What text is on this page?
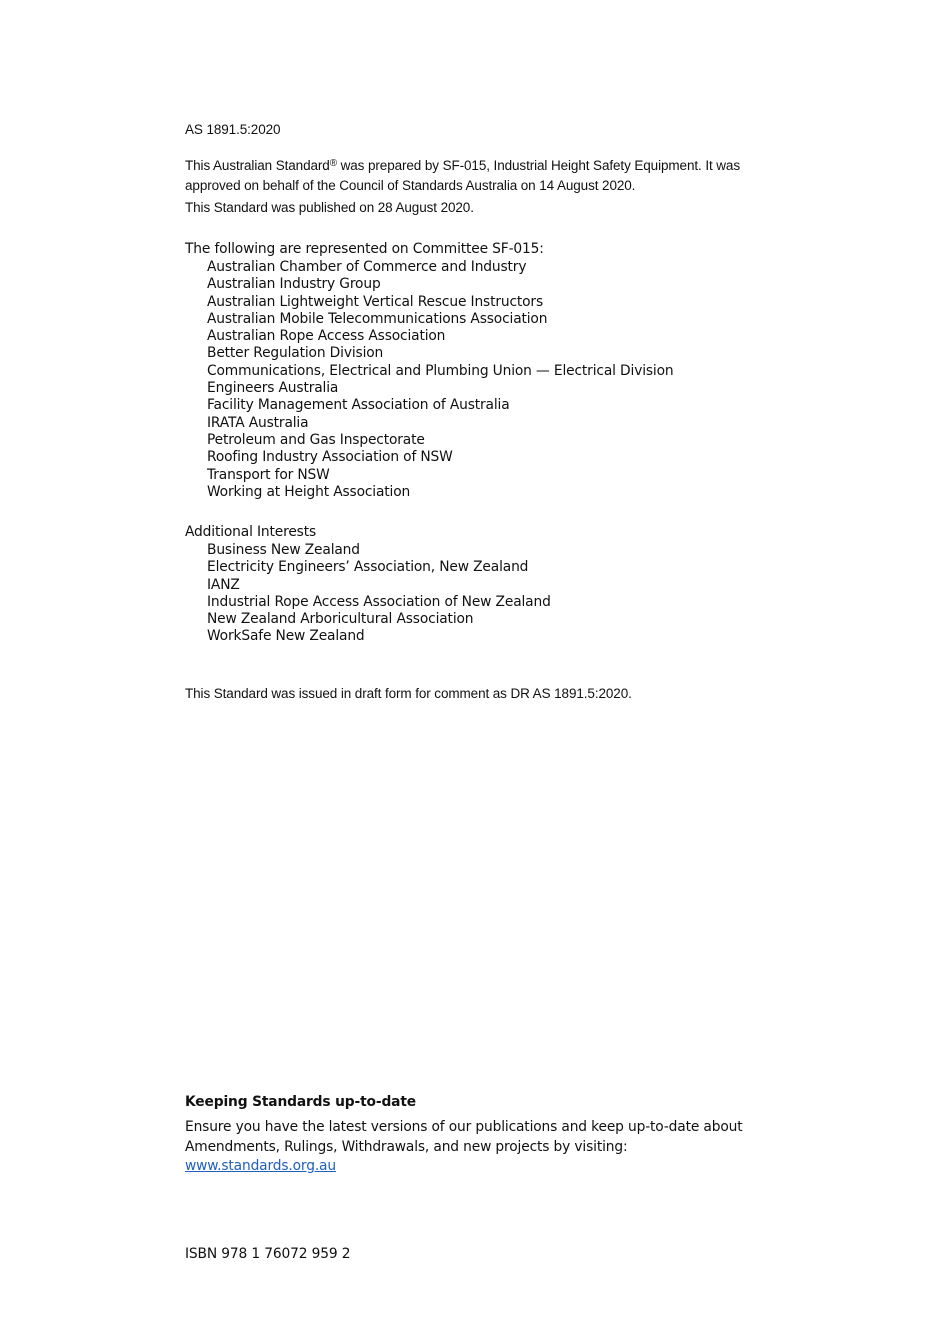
AS 1891.5:2020
This Australian Standard® was prepared by SF-015, Industrial Height Safety Equipment. It was approved on behalf of the Council of Standards Australia on 14 August 2020.
This Standard was published on 28 August 2020.
The following are represented on Committee SF-015:
Australian Chamber of Commerce and Industry
Australian Industry Group
Australian Lightweight Vertical Rescue Instructors
Australian Mobile Telecommunications Association
Australian Rope Access Association
Better Regulation Division
Communications, Electrical and Plumbing Union — Electrical Division
Engineers Australia
Facility Management Association of Australia
IRATA Australia
Petroleum and Gas Inspectorate
Roofing Industry Association of NSW
Transport for NSW
Working at Height Association
Additional Interests
Business New Zealand
Electricity Engineers’ Association, New Zealand
IANZ
Industrial Rope Access Association of New Zealand
New Zealand Arboricultural Association
WorkSafe New Zealand
This Standard was issued in draft form for comment as DR AS 1891.5:2020.
Keeping Standards up-to-date
Ensure you have the latest versions of our publications and keep up-to-date about Amendments, Rulings, Withdrawals, and new projects by visiting:
www.standards.org.au
ISBN 978 1 76072 959 2
